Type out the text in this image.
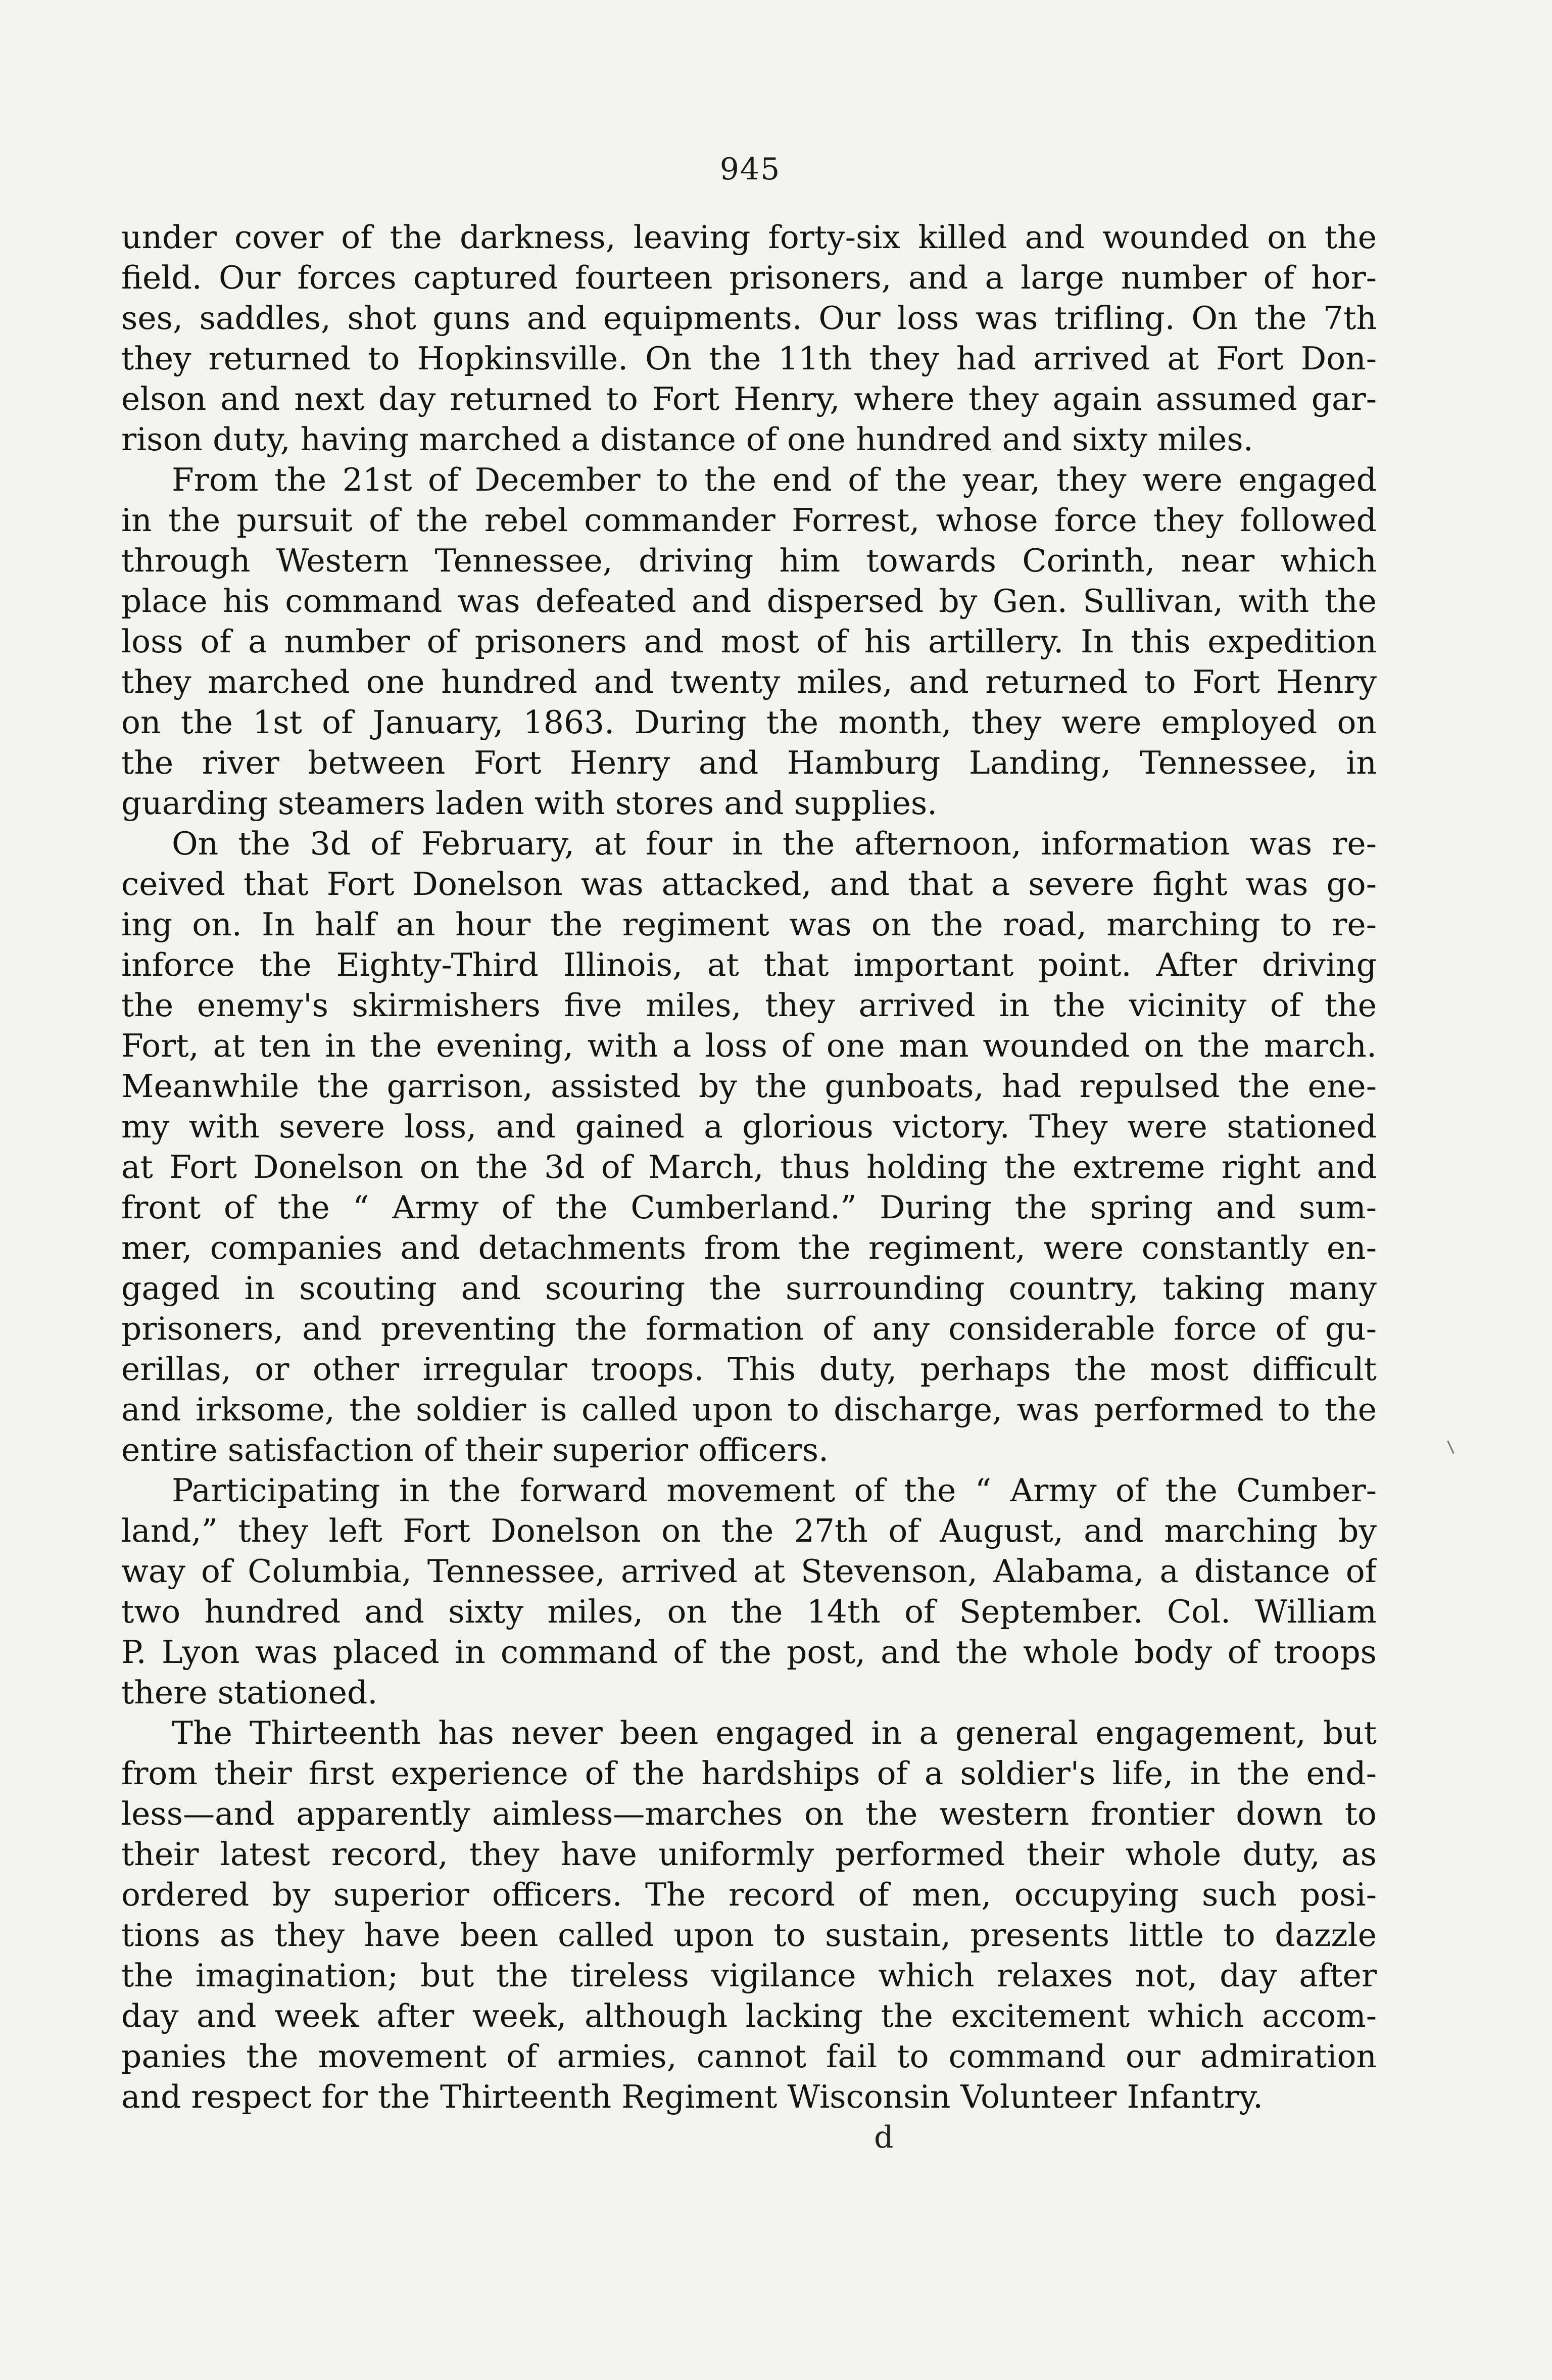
945
under cover of the darkness, leaving forty-six killed and wounded on the
field. Our forces captured fourteen prisoners, and a large number of hor-
ses, saddles, shot guns and equipments. Our loss was trifling. On the 7th
they returned to Hopkinsville. On the 11th they had arrived at Fort Don-
elson and next day returned to Fort Henry, where they again assumed gar-
rison duty, having marched a distance of one hundred and sixty miles.
From the 21st of December to the end of the year, they were engaged
in the pursuit of the rebel commander Forrest, whose force they followed
through Western Tennessee, driving him towards Corinth, near which
place his command was defeated and dispersed by Gen. Sullivan, with the
loss of a number of prisoners and most of his artillery. In this expedition
they marched one hundred and twenty miles, and returned to Fort Henry
on the 1st of January, 1863. During the month, they were employed on
the river between Fort Henry and Hamburg Landing, Tennessee, in
guarding steamers laden with stores and supplies.
On the 3d of February, at four in the afternoon, information was re-
ceived that Fort Donelson was attacked, and that a severe fight was go-
ing on. In half an hour the regiment was on the road, marching to re-
inforce the Eighty-Third Illinois, at that important point. After driving
the enemy's skirmishers five miles, they arrived in the vicinity of the
Fort, at ten in the evening, with a loss of one man wounded on the march.
Meanwhile the garrison, assisted by the gunboats, had repulsed the ene-
my with severe loss, and gained a glorious victory. They were stationed
at Fort Donelson on the 3d of March, thus holding the extreme right and
front of the “ Army of the Cumberland.” During the spring and sum-
mer, companies and detachments from the regiment, were constantly en-
gaged in scouting and scouring the surrounding country, taking many
prisoners, and preventing the formation of any considerable force of gu-
erillas, or other irregular troops. This duty, perhaps the most difficult
and irksome, the soldier is called upon to discharge, was performed to the
entire satisfaction of their superior officers.
Participating in the forward movement of the “ Army of the Cumber-
land,” they left Fort Donelson on the 27th of August, and marching by
way of Columbia, Tennessee, arrived at Stevenson, Alabama, a distance of
two hundred and sixty miles, on the 14th of September. Col. William
P. Lyon was placed in command of the post, and the whole body of troops
there stationed.
The Thirteenth has never been engaged in a general engagement, but
from their first experience of the hardships of a soldier's life, in the end-
less—and apparently aimless—marches on the western frontier down to
their latest record, they have uniformly performed their whole duty, as
ordered by superior officers. The record of men, occupying such posi-
tions as they have been called upon to sustain, presents little to dazzle
the imagination; but the tireless vigilance which relaxes not, day after
day and week after week, although lacking the excitement which accom-
panies the movement of armies, cannot fail to command our admiration
and respect for the Thirteenth Regiment Wisconsin Volunteer Infantry.
d
